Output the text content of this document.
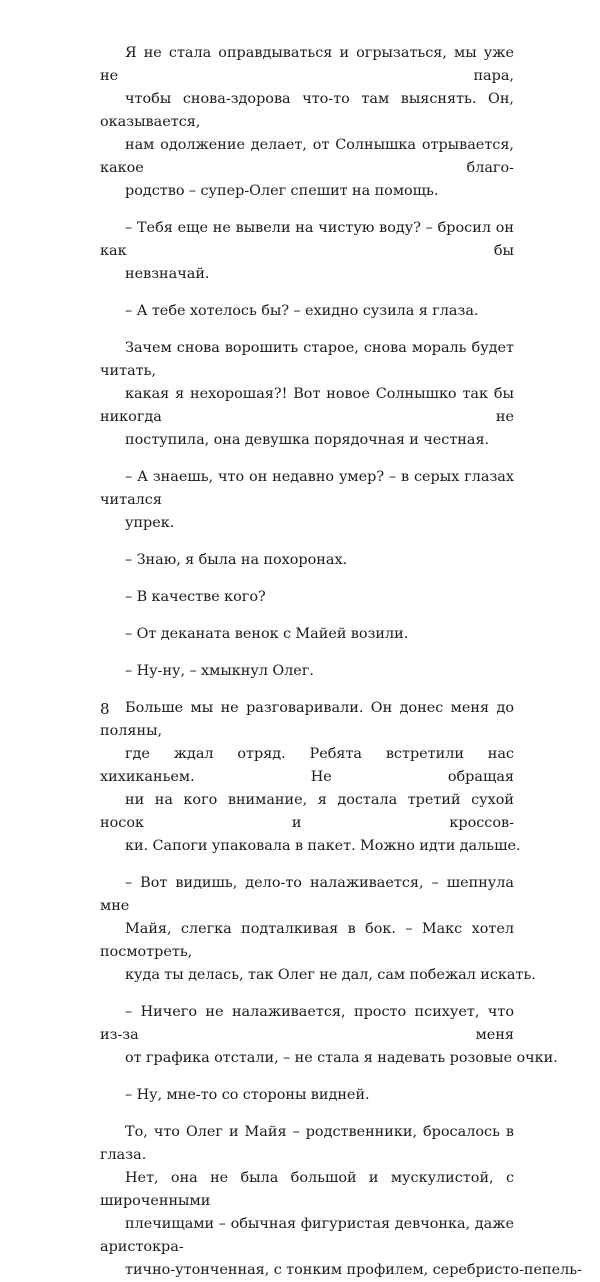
Я не стала оправдываться и огрызаться, мы уже не пара,
чтобы снова-здорова что-то там выяснять. Он, оказывается,
нам одолжение делает, от Солнышка отрывается, какое благо-
родство – супер-Олег спешит на помощь.

– Тебя еще не вывели на чистую воду? – бросил он как бы
невзначай.

– А тебе хотелось бы? – ехидно сузила я глаза.

Зачем снова ворошить старое, снова мораль будет читать,
какая я нехорошая?! Вот новое Солнышко так бы никогда не
поступила, она девушка порядочная и честная.

– А знаешь, что он недавно умер? – в серых глазах читался
упрек.

– Знаю, я была на похоронах.

– В качестве кого?

– От деканата венок с Майей возили.

– Ну-ну, – хмыкнул Олег.

Больше мы не разговаривали. Он донес меня до поляны,
где ждал отряд. Ребята встретили нас хихиканьем. Не обращая
ни на кого внимание, я достала третий сухой носок и кроссов-
ки. Сапоги упаковала в пакет. Можно идти дальше.

– Вот видишь, дело-то налаживается, – шепнула мне
Майя, слегка подталкивая в бок. – Макс хотел посмотреть,
куда ты делась, так Олег не дал, сам побежал искать.

– Ничего не налаживается, просто психует, что из-за меня
от графика отстали, – не стала я надевать розовые очки.

– Ну, мне-то со стороны видней.

То, что Олег и Майя – родственники, бросалось в глаза.
Нет, она не была большой и мускулистой, с широченными
плечищами – обычная фигуристая девчонка, даже аристокра-
тично-утонченная, с тонким профилем, серебристо-пепель-

8
